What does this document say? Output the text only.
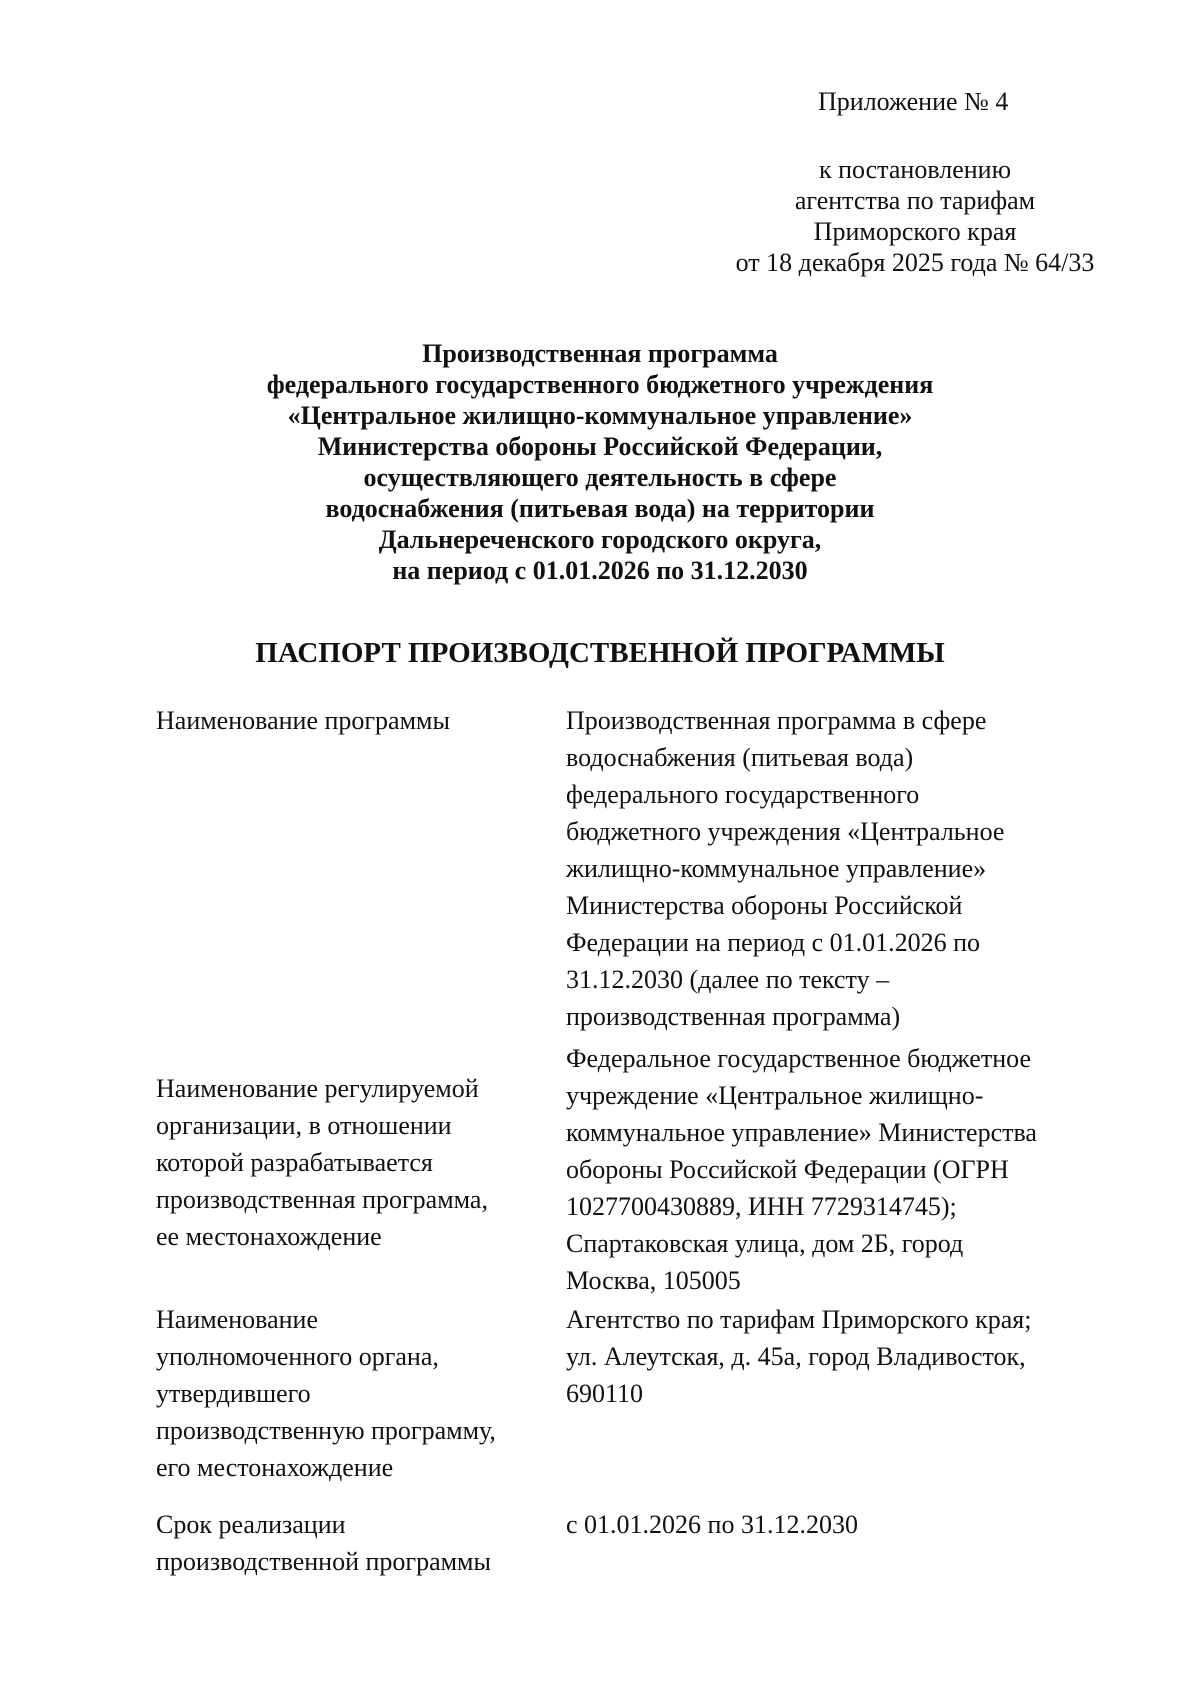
Приложение № 4
к постановлению
агентства по тарифам
Приморского края
от 18 декабря 2025 года № 64/33
Производственная программа
федерального государственного бюджетного учреждения
«Центральное жилищно-коммунальное управление»
Министерства обороны Российской Федерации,
осуществляющего деятельность в сфере
водоснабжения (питьевая вода) на территории
Дальнереченского городского округа,
на период с 01.01.2026 по 31.12.2030
ПАСПОРТ ПРОИЗВОДСТВЕННОЙ ПРОГРАММЫ
Наименование программы	Производственная программа в сфере
водоснабжения (питьевая вода)
федерального государственного
бюджетного учреждения «Центральное
жилищно-коммунальное управление»
Министерства обороны Российской
Федерации на период с 01.01.2026 по
31.12.2030 (далее по тексту –
производственная программа)
Наименование регулируемой
организации, в отношении
которой разрабатывается
производственная программа,
ее местонахождение
Федеральное государственное бюджетное
учреждение «Центральное жилищно-
коммунальное управление» Министерства
обороны Российской Федерации (ОГРН
1027700430889, ИНН 7729314745);
Спартаковская улица, дом 2Б, город
Москва, 105005
Наименование
уполномоченного органа,
утвердившего
производственную программу,
его местонахождение
Агентство по тарифам Приморского края;
ул. Алеутская, д. 45а, город Владивосток,
690110
Срок реализации
производственной программы
с 01.01.2026 по 31.12.2030
